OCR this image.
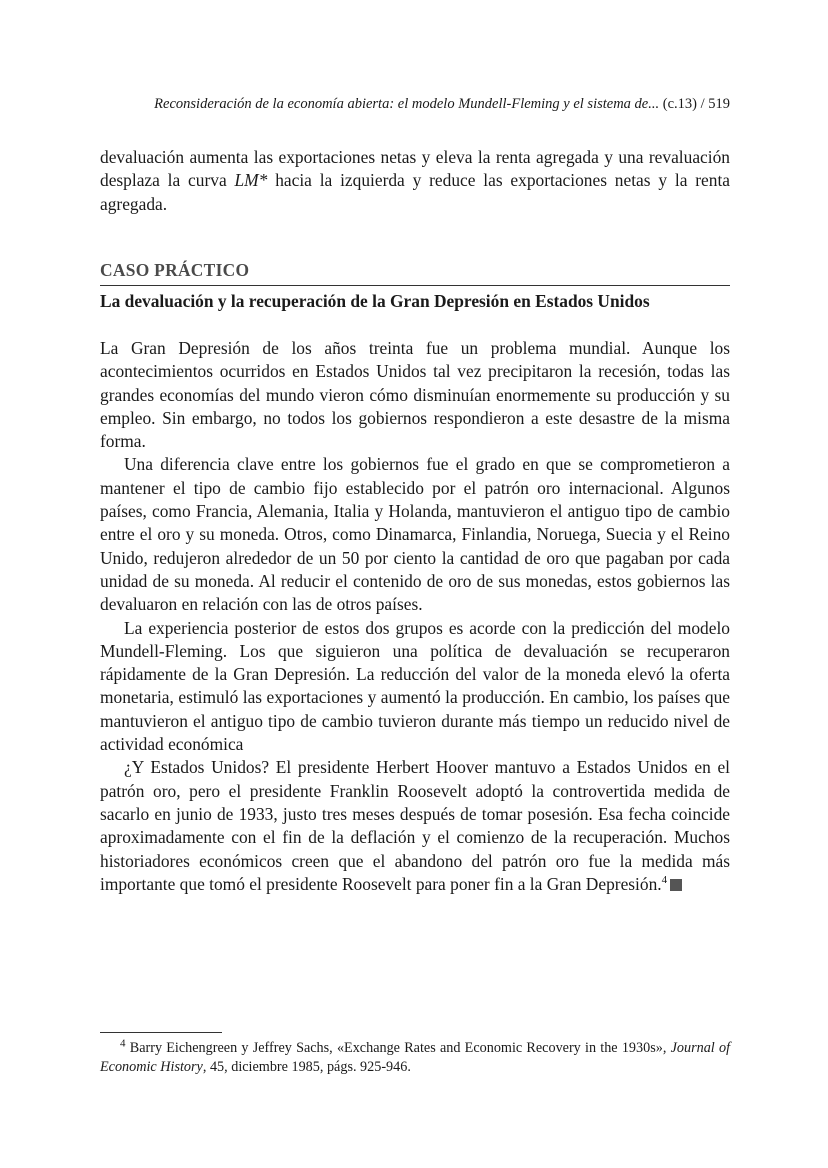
Reconsideración de la economía abierta: el modelo Mundell-Fleming y el sistema de... (c.13) / 519

devaluación aumenta las exportaciones netas y eleva la renta agregada y una revaluación desplaza la curva LM* hacia la izquierda y reduce las exportaciones netas y la renta agregada.

CASO PRÁCTICO
La devaluación y la recuperación de la Gran Depresión en Estados Unidos

La Gran Depresión de los años treinta fue un problema mundial. Aunque los acontecimientos ocurridos en Estados Unidos tal vez precipitaron la recesión, todas las grandes economías del mundo vieron cómo disminuían enormemente su producción y su empleo. Sin embargo, no todos los gobiernos respondieron a este desastre de la misma forma.

Una diferencia clave entre los gobiernos fue el grado en que se comprometieron a mantener el tipo de cambio fijo establecido por el patrón oro internacional. Algunos países, como Francia, Alemania, Italia y Holanda, mantuvieron el antiguo tipo de cambio entre el oro y su moneda. Otros, como Dinamarca, Finlandia, Noruega, Suecia y el Reino Unido, redujeron alrededor de un 50 por ciento la cantidad de oro que pagaban por cada unidad de su moneda. Al reducir el contenido de oro de sus monedas, estos gobiernos las devaluaron en relación con las de otros países.

La experiencia posterior de estos dos grupos es acorde con la predicción del modelo Mundell-Fleming. Los que siguieron una política de devaluación se recuperaron rápidamente de la Gran Depresión. La reducción del valor de la moneda elevó la oferta monetaria, estimuló las exportaciones y aumentó la producción. En cambio, los países que mantuvieron el antiguo tipo de cambio tuvieron durante más tiempo un reducido nivel de actividad económica

¿Y Estados Unidos? El presidente Herbert Hoover mantuvo a Estados Unidos en el patrón oro, pero el presidente Franklin Roosevelt adoptó la controvertida medida de sacarlo en junio de 1933, justo tres meses después de tomar posesión. Esa fecha coincide aproximadamente con el fin de la deflación y el comienzo de la recuperación. Muchos historiadores económicos creen que el abandono del patrón oro fue la medida más importante que tomó el presidente Roosevelt para poner fin a la Gran Depresión.$^4$

$^4$ Barry Eichengreen y Jeffrey Sachs, «Exchange Rates and Economic Recovery in the 1930s», Journal of Economic History, 45, diciembre 1985, págs. 925-946.
